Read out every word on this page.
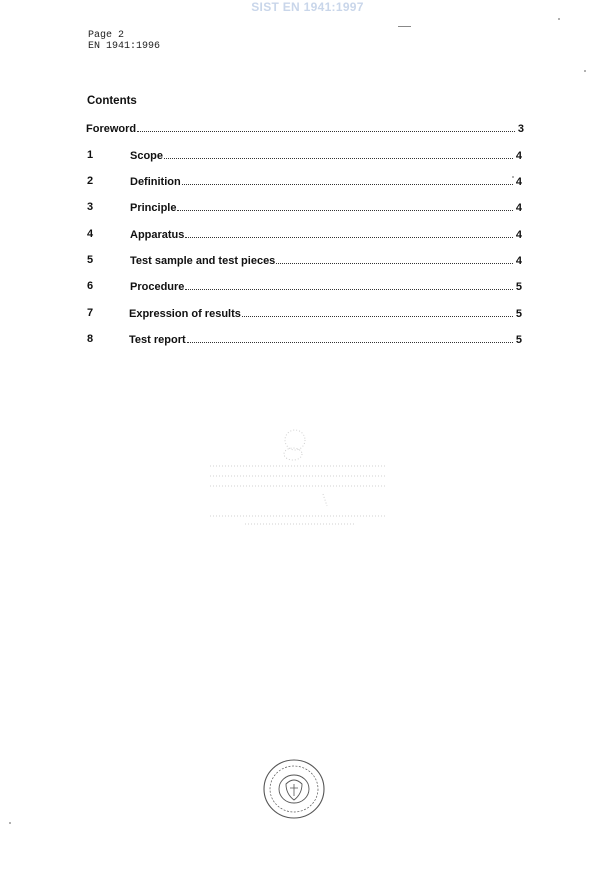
SIST EN 1941:1997
Page 2
EN 1941:1996
Contents
Foreword	3
1	Scope	4
2	Definition	4
3	Principle	4
4	Apparatus	4
5	Test sample and test pieces	4
6	Procedure	5
7	Expression of results	5
8	Test report	5
